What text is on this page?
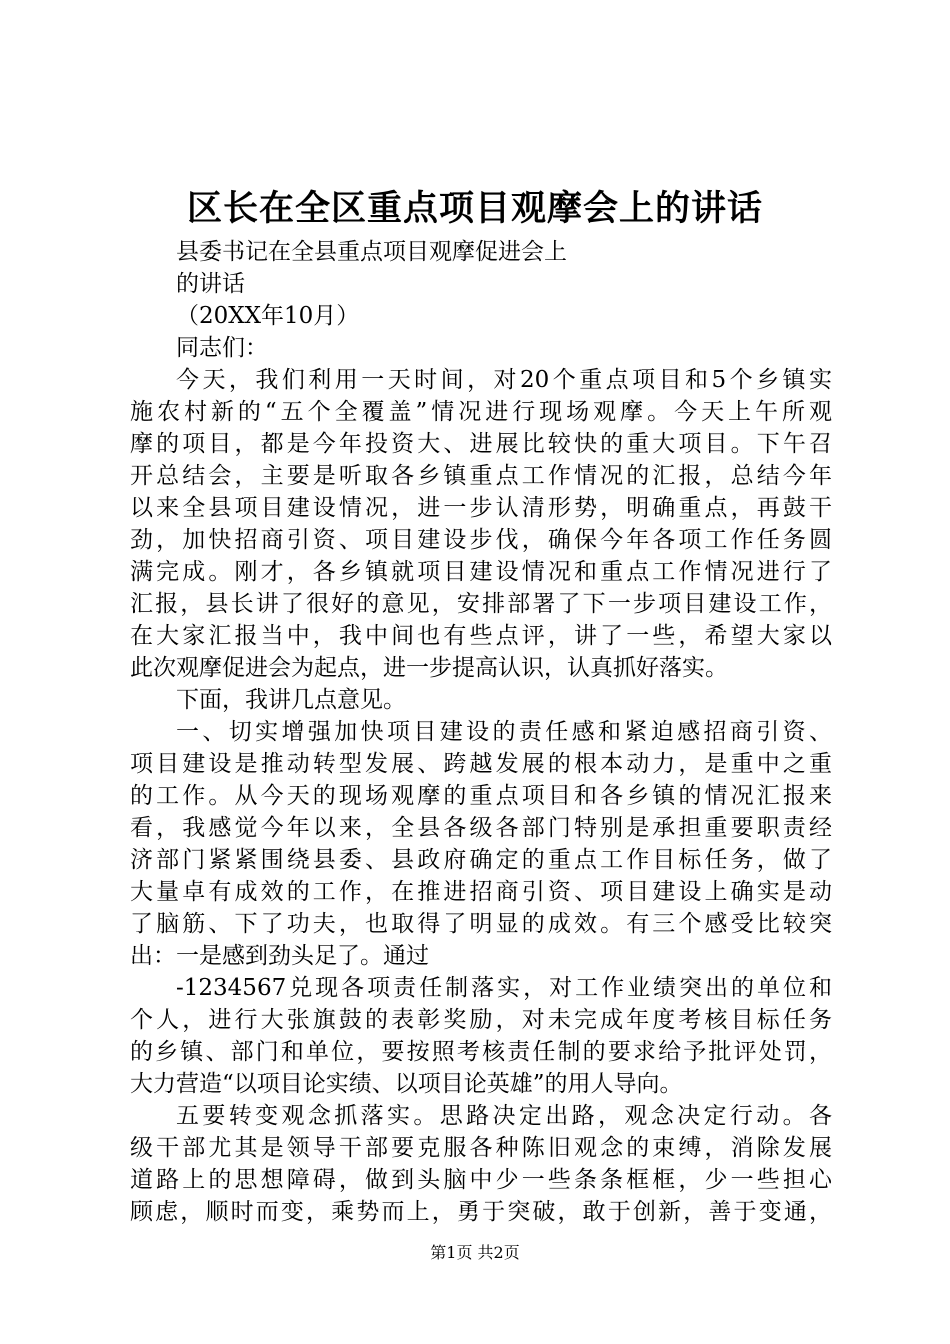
区长在全区重点项目观摩会上的讲话
县委书记在全县重点项目观摩促进会上
的讲话
（20XX年10月）
同志们：
今天，我们利用一天时间，对20个重点项目和5个乡镇实
施农村新的“五个全覆盖”情况进行现场观摩。今天上午所观
摩的项目，都是今年投资大、进展比较快的重大项目。下午召
开总结会，主要是听取各乡镇重点工作情况的汇报，总结今年
以来全县项目建设情况，进一步认清形势，明确重点，再鼓干
劲，加快招商引资、项目建设步伐，确保今年各项工作任务圆
满完成。刚才，各乡镇就项目建设情况和重点工作情况进行了
汇报，县长讲了很好的意见，安排部署了下一步项目建设工作，
在大家汇报当中，我中间也有些点评，讲了一些，希望大家以
此次观摩促进会为起点，进一步提高认识，认真抓好落实。
下面，我讲几点意见。
一、切实增强加快项目建设的责任感和紧迫感招商引资、
项目建设是推动转型发展、跨越发展的根本动力，是重中之重
的工作。从今天的现场观摩的重点项目和各乡镇的情况汇报来
看，我感觉今年以来，全县各级各部门特别是承担重要职责经
济部门紧紧围绕县委、县政府确定的重点工作目标任务，做了
大量卓有成效的工作，在推进招商引资、项目建设上确实是动
了脑筋、下了功夫，也取得了明显的成效。有三个感受比较突
出：一是感到劲头足了。通过
-1234567兑现各项责任制落实，对工作业绩突出的单位和
个人，进行大张旗鼓的表彰奖励，对未完成年度考核目标任务
的乡镇、部门和单位，要按照考核责任制的要求给予批评处罚，
大力营造“以项目论实绩、以项目论英雄”的用人导向。
五要转变观念抓落实。思路决定出路，观念决定行动。各
级干部尤其是领导干部要克服各种陈旧观念的束缚，消除发展
道路上的思想障碍，做到头脑中少一些条条框框，少一些担心
顾虑，顺时而变，乘势而上，勇于突破，敢于创新，善于变通，
第1页 共2页
